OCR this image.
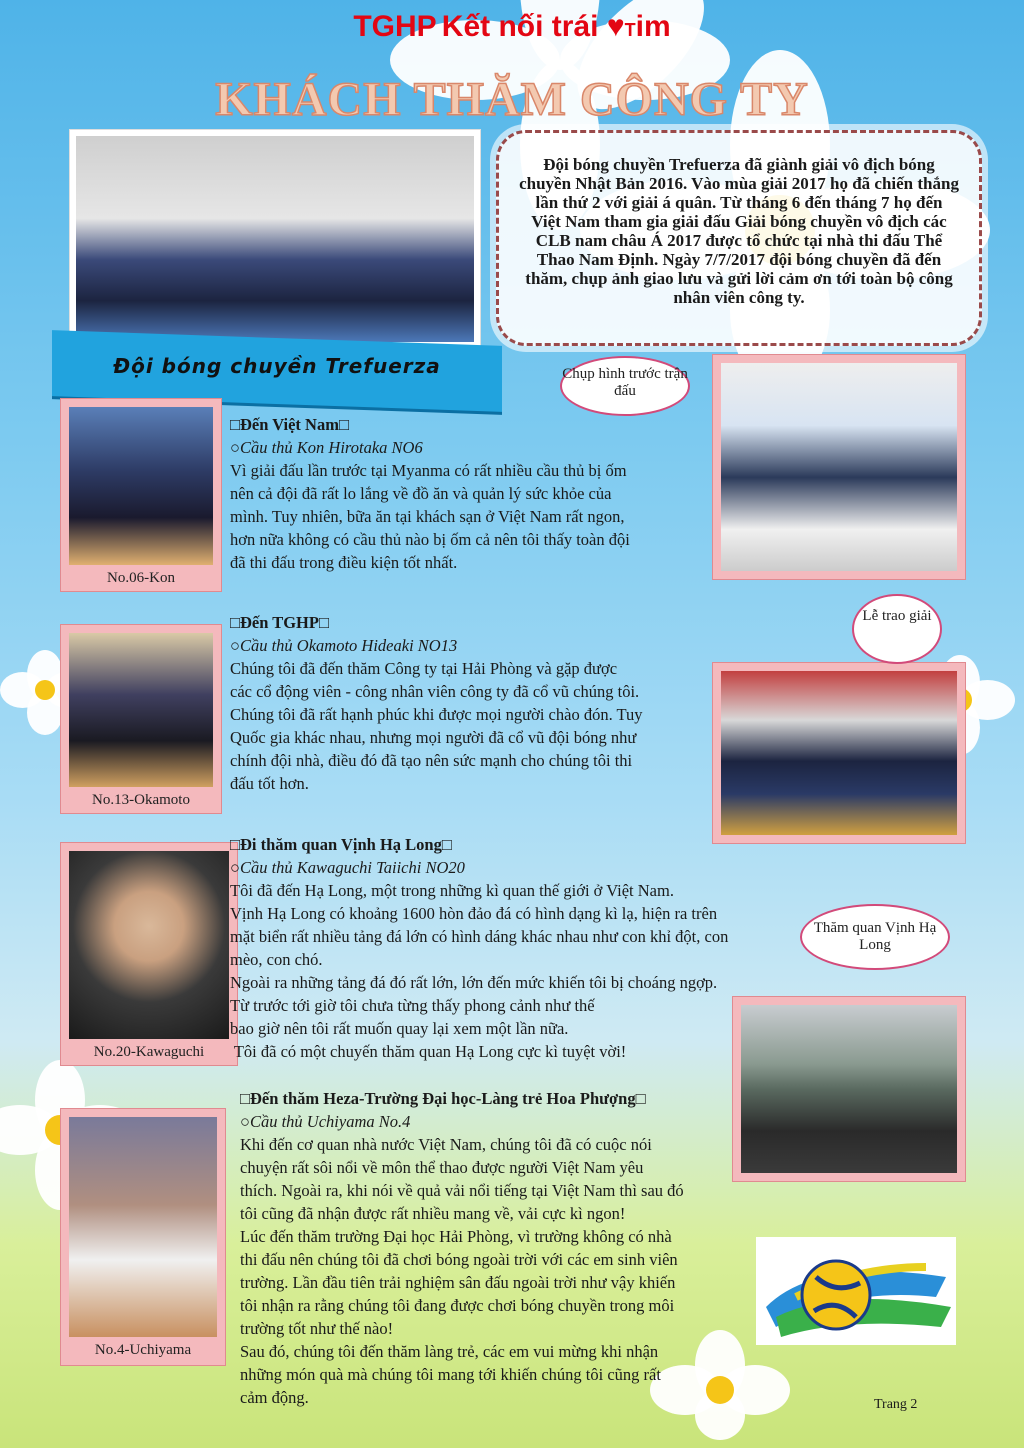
TGHP Kết nối trái ♥Tim
KHÁCH THĂM CÔNG TY
Đội bóng chuyền Trefuerza đã giành giải vô địch bóng chuyền Nhật Bản 2016. Vào mùa giải 2017 họ đã chiến thắng lần thứ 2 với giải á quân. Từ tháng 6 đến tháng 7 họ đến Việt Nam tham gia giải đấu Giải bóng chuyền vô địch các CLB nam châu Á 2017 được tổ chức tại nhà thi đấu Thể Thao Nam Định. Ngày 7/7/2017 đội bóng chuyền đã đến thăm, chụp ảnh giao lưu và gửi lời cảm ơn tới toàn bộ công nhân viên công ty.
Đội bóng chuyền Trefuerza	Chụp hình trước trận đấu
Lễ trao giải
Thăm quan Vịnh Hạ Long
No.06-Kon
No.13-Okamoto
No.20-Kawaguchi
No.4-Uchiyama

□Đến Việt Nam□

○Cầu thủ Kon Hirotaka NO6

Vì giải đấu lần trước tại Myanma có rất nhiều cầu thủ bị ốm

nên cả đội đã rất lo lắng về đồ ăn và quản lý sức khỏe của

mình. Tuy nhiên, bữa ăn tại khách sạn ở Việt Nam rất ngon,

hơn nữa không có cầu thủ nào bị ốm cả nên tôi thấy toàn đội

đã thi đấu trong điều kiện tốt nhất.

□Đến TGHP□

○Cầu thủ Okamoto Hideaki NO13

Chúng tôi đã đến thăm Công ty tại Hải Phòng và gặp được

các cổ động viên - công nhân viên công ty đã cổ vũ chúng tôi.

Chúng tôi đã rất hạnh phúc khi được mọi người chào đón. Tuy

Quốc gia khác nhau, nhưng mọi người đã cổ vũ đội bóng như

chính đội nhà, điều đó đã tạo nên sức mạnh cho chúng tôi thi

đấu tốt hơn.

□Đi thăm quan Vịnh Hạ Long□

○Cầu thủ Kawaguchi Taiichi NO20

Tôi đã đến Hạ Long, một trong những kì quan thế giới ở Việt Nam.

Vịnh Hạ Long có khoảng 1600 hòn đảo đá có hình dạng kì lạ, hiện ra trên

mặt biển rất nhiều tảng đá lớn có hình dáng khác nhau như con khỉ đột, con

mèo, con chó.

Ngoài ra những tảng đá đó rất lớn, lớn đến mức khiến tôi bị choáng ngợp.

Từ trước tới giờ tôi chưa từng thấy phong cảnh như thế

bao giờ nên tôi rất muốn quay lại xem một lần nữa.

Tôi đã có một chuyến thăm quan Hạ Long cực kì tuyệt vời!

□Đến thăm Heza-Trường Đại học-Làng trẻ Hoa Phượng□

○Cầu thủ Uchiyama No.4

Khi đến cơ quan nhà nước Việt Nam, chúng tôi đã có cuộc nói

chuyện rất sôi nổi về môn thể thao được người Việt Nam yêu

thích. Ngoài ra, khi nói về quả vải nổi tiếng tại Việt Nam thì sau đó

tôi cũng đã nhận được rất nhiều mang về, vải cực kì ngon!

Lúc đến thăm trường Đại học Hải Phòng, vì trường không có nhà

thi đấu nên chúng tôi đã chơi bóng ngoài trời với các em sinh viên

trường. Lần đầu tiên trải nghiệm sân đấu ngoài trời như vậy khiến

tôi nhận ra rằng chúng tôi đang được chơi bóng chuyền trong môi

trường tốt như thế nào!

Sau đó, chúng tôi đến thăm làng trẻ, các em vui mừng khi nhận

những món quà mà chúng tôi mang tới khiến chúng tôi cũng rất

cảm động.	Trang 2
